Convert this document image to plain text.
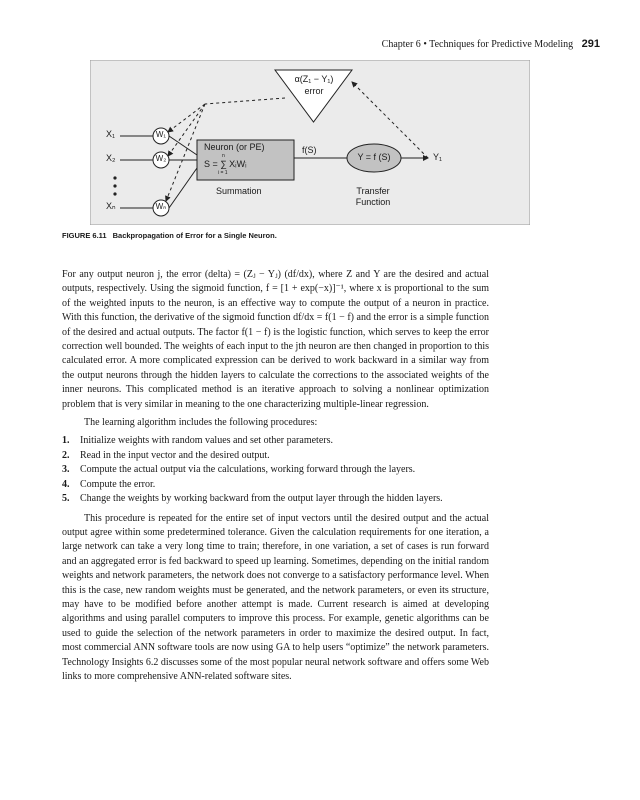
Chapter 6 • Techniques for Predictive Modeling 291
α(Z₁ − Y₁)
error
X₁
X₂
Xₙ
W₁
W₂
Wₙ
Neuron (or PE)
n
S = ∑ XᵢWᵢ
i = 1
f(S)
Y = f (S)	Y₁
Summation	Transfer
Function
FIGURE 6.11 Backpropagation of Error for a Single Neuron.

For any output neuron j, the error (delta) = (Zⱼ − Yⱼ) (df/dx), where Z and Y are the desired and actual outputs, respectively. Using the sigmoid function, f = [1 + exp(−x)]⁻¹, where x is proportional to the sum of the weighted inputs to the neuron, is an effective way to compute the output of a neuron in practice. With this function, the derivative of the sigmoid function df/dx = f(1 − f) and the error is a simple function of the desired and actual outputs. The factor f(1 − f) is the logistic function, which serves to keep the error correction well bounded. The weights of each input to the jth neuron are then changed in proportion to this calculated error. A more complicated expression can be derived to work backward in a similar way from the output neurons through the hidden layers to calculate the corrections to the associated weights of the inner neurons. This complicated method is an iterative approach to solving a nonlinear optimization problem that is very similar in meaning to the one characterizing multiple-linear regression.

The learning algorithm includes the following procedures:

1. Initialize weights with random values and set other parameters.
2. Read in the input vector and the desired output.
3. Compute the actual output via the calculations, working forward through the layers.
4. Compute the error.
5. Change the weights by working backward from the output layer through the hidden layers.

This procedure is repeated for the entire set of input vectors until the desired output and the actual output agree within some predetermined tolerance. Given the calculation requirements for one iteration, a large network can take a very long time to train; therefore, in one variation, a set of cases is run forward and an aggregated error is fed backward to speed up learning. Sometimes, depending on the initial random weights and network parameters, the network does not converge to a satisfactory performance level. When this is the case, new random weights must be generated, and the network parameters, or even its structure, may have to be modified before another attempt is made. Current research is aimed at developing algorithms and using parallel computers to improve this process. For example, genetic algorithms can be used to guide the selection of the network parameters in order to maximize the desired output. In fact, most commercial ANN software tools are now using GA to help users “optimize” the network parameters. Technology Insights 6.2 discusses some of the most popular neural network software and offers some Web links to more comprehensive ANN-related software sites.
